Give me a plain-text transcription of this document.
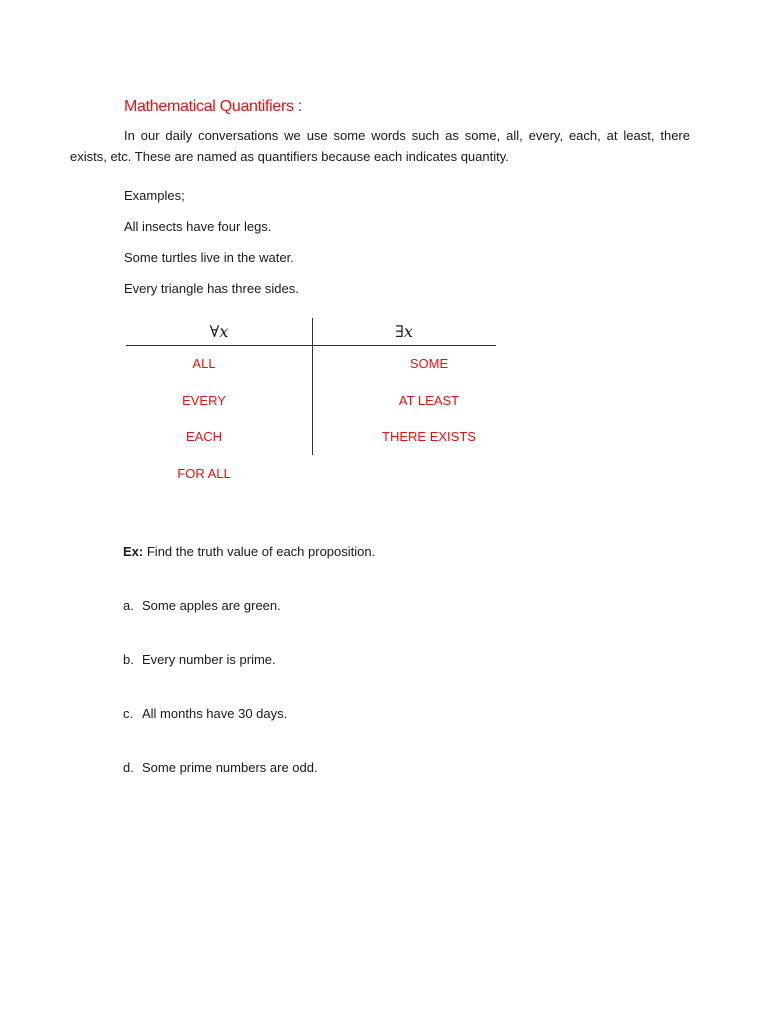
Mathematical Quantifiers :
In our daily conversations we use some words such as some, all, every, each, at least, there exists, etc. These are named as quantifiers because each indicates quantity.
Examples;
All insects have four legs.
Some turtles live in the water.
Every triangle has three sides.
∀x	∃x
ALL
EVERY
EACH
FOR ALL
SOME
AT LEAST
THERE EXISTS
Ex: Find the truth value of each proposition.
a. Some apples are green.
b. Every number is prime.
c. All months have 30 days.
d. Some prime numbers are odd.
